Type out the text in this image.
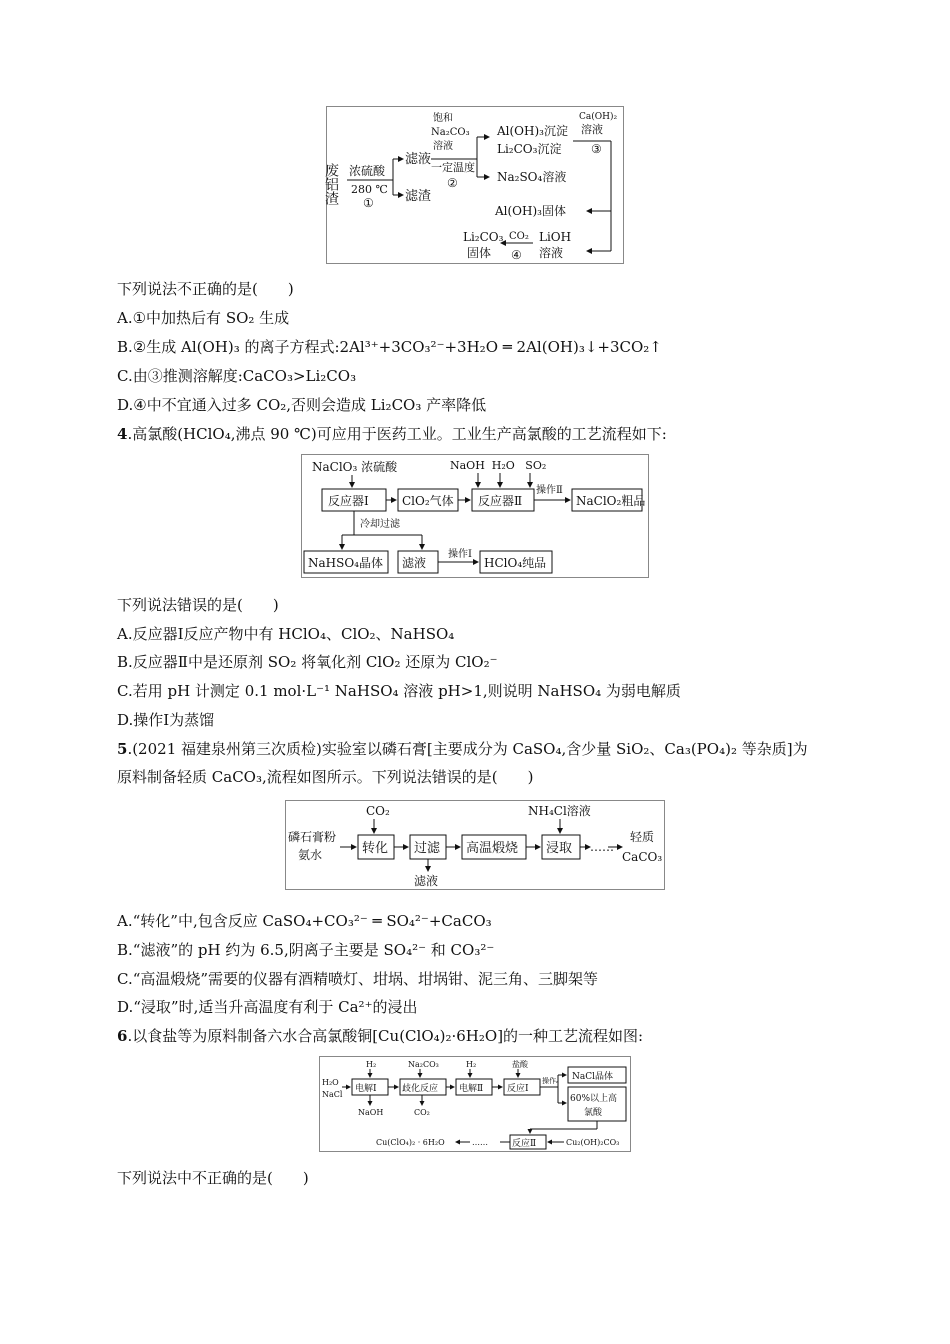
废铝渣 浓硫酸
280 ℃
①
滤液
滤渣
饱和
Na₂CO₃
溶液
一定温度
②
Al(OH)₃沉淀
Li₂CO₃沉淀
Na₂SO₄溶液
Ca(OH)₂
溶液
③
Al(OH)₃固体
LiOH
溶液
CO₂
④
Li₂CO₃
固体
下列说法不正确的是(　　)
A.①中加热后有 SO₂ 生成
B.②生成 Al(OH)₃ 的离子方程式:2Al³⁺+3CO₃²⁻+3H₂O ═ 2Al(OH)₃↓+3CO₂↑
C.由③推测溶解度:CaCO₃>Li₂CO₃
D.④中不宜通入过多 CO₂,否则会造成 Li₂CO₃ 产率降低
4.高氯酸(HClO₄,沸点 90 ℃)可应用于医药工业。工业生产高氯酸的工艺流程如下:
NaClO₃ 浓硫酸
反应器Ⅰ	ClO₂气体
NaOH  H₂O   SO₂
反应器Ⅱ
操作Ⅱ
NaClO₂粗品
冷却过滤
NaHSO₄晶体 滤液
操作Ⅰ
HClO₄纯品
下列说法错误的是(　　)
A.反应器Ⅰ反应产物中有 HClO₄、ClO₂、NaHSO₄
B.反应器Ⅱ中是还原剂 SO₂ 将氧化剂 ClO₂ 还原为 ClO₂⁻
C.若用 pH 计测定 0.1 mol·L⁻¹ NaHSO₄ 溶液 pH>1,则说明 NaHSO₄ 为弱电解质
D.操作Ⅰ为蒸馏
5.(2021 福建泉州第三次质检)实验室以磷石膏[主要成分为 CaSO₄,含少量 SiO₂、Ca₃(PO₄)₂ 等杂质]为
原料制备轻质 CaCO₃,流程如图所示。下列说法错误的是(　　)
CO₂	NH₄Cl溶液
磷石膏粉
氨水	转化 过滤
滤液
高温煅烧 浸取 ……
轻质
CaCO₃
A.“转化”中,包含反应 CaSO₄+CO₃²⁻ ═ SO₄²⁻+CaCO₃
B.“滤液”的 pH 约为 6.5,阴离子主要是 SO₄²⁻ 和 CO₃²⁻
C.“高温煅烧”需要的仪器有酒精喷灯、坩埚、坩埚钳、泥三角、三脚架等
D.“浸取”时,适当升高温度有利于 Ca²⁺的浸出
6.以食盐等为原料制备六水合高氯酸铜[Cu(ClO₄)₂·6H₂O]的一种工艺流程如图:
H₂	Na₂CO₃	H₂	盐酸
H₂O
NaCl
电解Ⅰ
NaOH
歧化反应
CO₂
电解Ⅱ	反应Ⅰ
操作ₐ NaCl晶体
60%以上高
氯酸
反应Ⅱ	Cu₂(OH)₂CO₃
……
Cu(ClO₄)₂ · 6H₂O
下列说法中不正确的是(　　)
